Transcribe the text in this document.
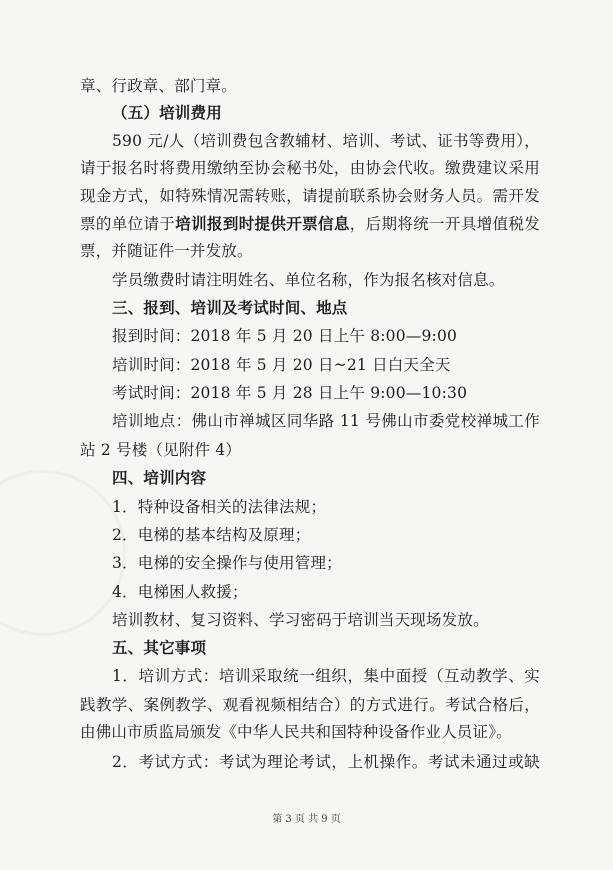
章、行政章、部门章。
（五）培训费用
590 元/人（培训费包含教辅材、培训、考试、证书等费用），
请于报名时将费用缴纳至协会秘书处，由协会代收。缴费建议采用
现金方式，如特殊情况需转账，请提前联系协会财务人员。需开发
票的单位请于培训报到时提供开票信息，后期将统一开具增值税发
票，并随证件一并发放。
学员缴费时请注明姓名、单位名称，作为报名核对信息。
三、报到、培训及考试时间、地点
报到时间：2018 年 5 月 20 日上午 8:00—9:00
培训时间：2018 年 5 月 20 日~21 日白天全天
考试时间：2018 年 5 月 28 日上午 9:00—10:30
培训地点：佛山市禅城区同华路 11 号佛山市委党校禅城工作
站 2 号楼（见附件 4）
四、培训内容
1．特种设备相关的法律法规；
2．电梯的基本结构及原理；
3．电梯的安全操作与使用管理；
4．电梯困人救援；
培训教材、复习资料、学习密码于培训当天现场发放。
五、其它事项
1．培训方式：培训采取统一组织，集中面授（互动教学、实
践教学、案例教学、观看视频相结合）的方式进行。考试合格后，
由佛山市质监局颁发《中华人民共和国特种设备作业人员证》。
2．考试方式：考试为理论考试，上机操作。考试未通过或缺
第 3 页 共 9 页
